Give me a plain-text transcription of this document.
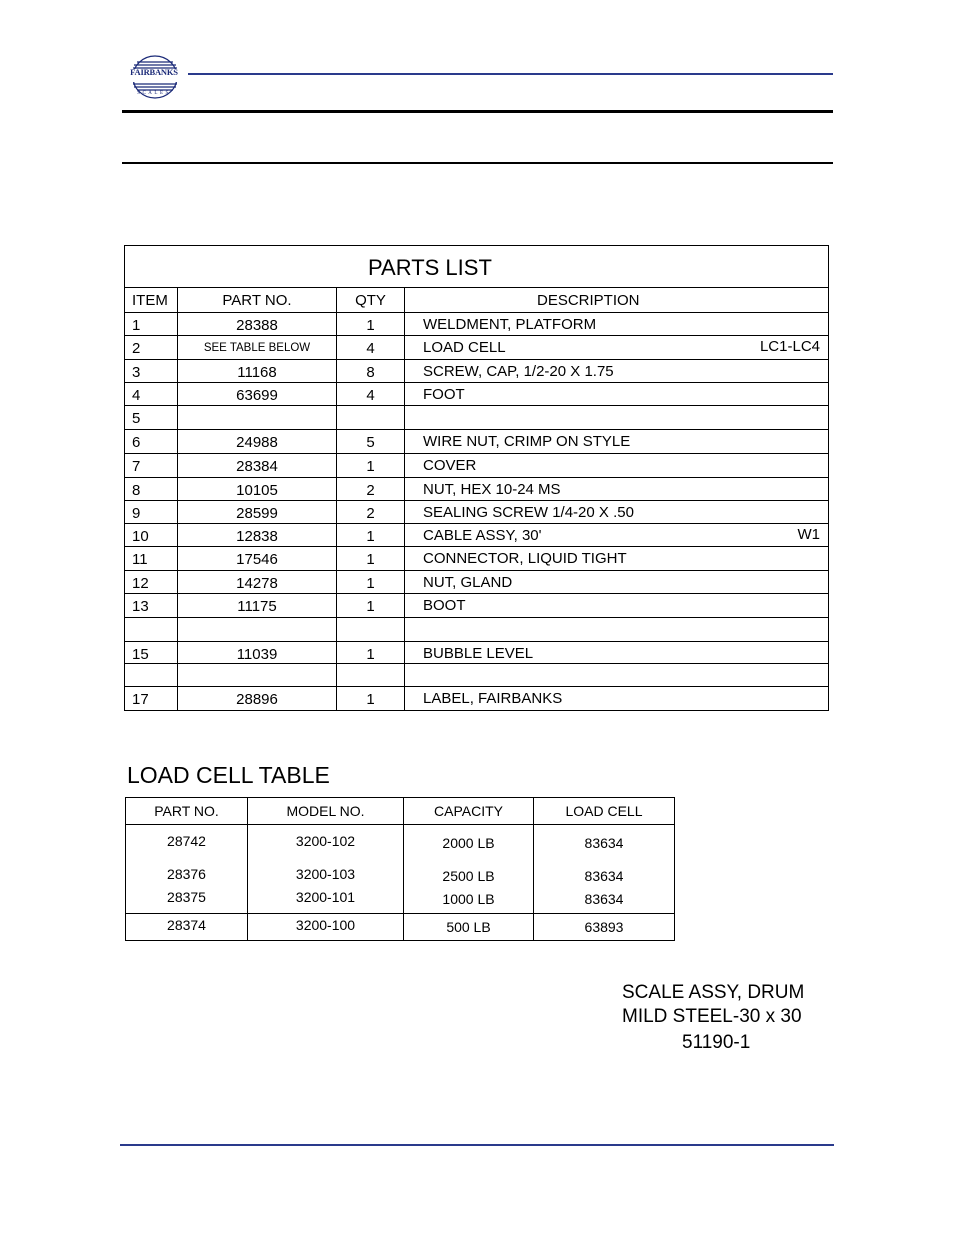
FAIRBANKS
SCALES
PARTS LIST
ITEM	PART NO.	QTY	DESCRIPTION
1	28388	1	WELDMENT, PLATFORM
2	SEE TABLE BELOW	4	LOAD CELL	LC1-LC4
3	11168	8	SCREW, CAP, 1/2-20 X 1.75
4	63699	4	FOOT
5
6	24988	5	WIRE NUT, CRIMP ON STYLE
7	28384	1	COVER
8	10105	2	NUT, HEX 10-24 MS
9	28599	2	SEALING SCREW 1/4-20 X .50
10	12838	1	CABLE ASSY, 30'	W1
11	17546	1	CONNECTOR, LIQUID TIGHT
12	14278	1	NUT, GLAND
13	11175	1	BOOT
15	11039	1	BUBBLE LEVEL
17	28896	1	LABEL, FAIRBANKS
LOAD CELL TABLE
PART NO.	MODEL NO.	CAPACITY	LOAD CELL
28742	3200-102	2000 LB	83634
28376	3200-103	2500 LB	83634
28375	3200-101	1000 LB	83634
28374	3200-100	500 LB	63893
SCALE ASSY, DRUM
MILD STEEL-30 x 30
51190-1
